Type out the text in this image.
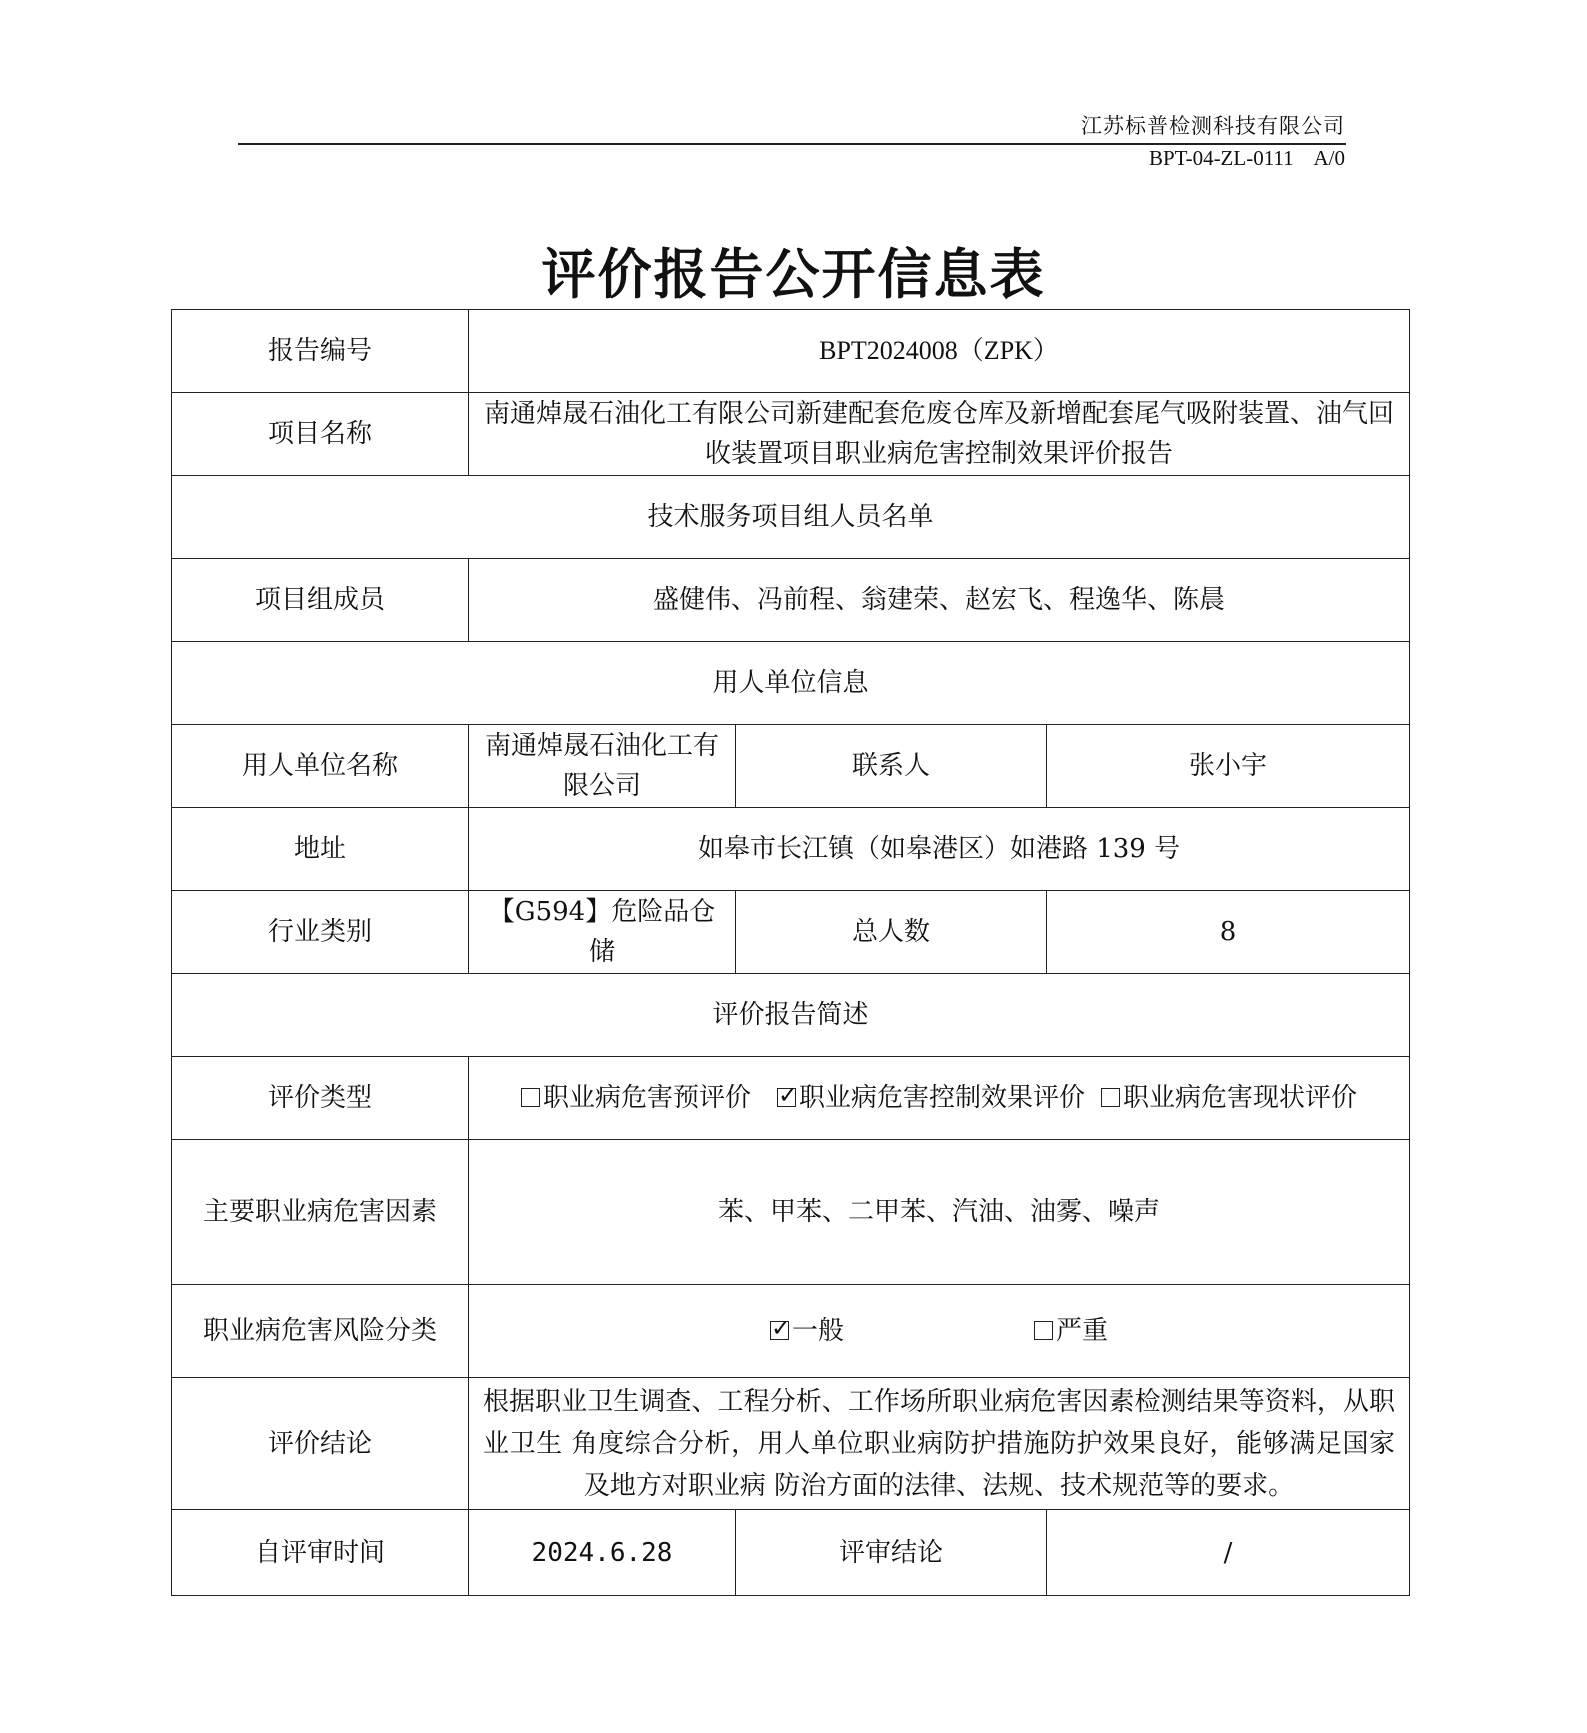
江苏标普检测科技有限公司
BPT-04-ZL-0111    A/0
评价报告公开信息表
报告编号	BPT2024008（ZPK）		
项目名称	南通焯晟石油化工有限公司新建配套危废仓库及新增配套尾气吸附装置、油气回收装置项目职业病危害控制效果评价报告		
技术服务项目组人员名单			
项目组成员	盛健伟、冯前程、翁建荣、赵宏飞、程逸华、陈晨		
用人单位信息			
用人单位名称	南通焯晟石油化工有限公司	联系人	张小宇
地址	如皋市长江镇（如皋港区）如港路 139 号		
行业类别	【G594】危险品仓储	总人数	8
评价报告简述			
评价类型	职业病危害预评价 ✓ 职业病危害控制效果评价 职业病危害现状评价		
主要职业病危害因素	苯、甲苯、二甲苯、汽油、油雾、噪声		
职业病危害风险分类	✓ 一般 严重		
评价结论	根据职业卫生调查、工程分析、工作场所职业病危害因素检测结果等资料，从职业卫生 角度综合分析，用人单位职业病防护措施防护效果良好，能够满足国家及地方对职业病 防治方面的法律、法规、技术规范等的要求。		
自评审时间	2024.6.28	评审结论	/
